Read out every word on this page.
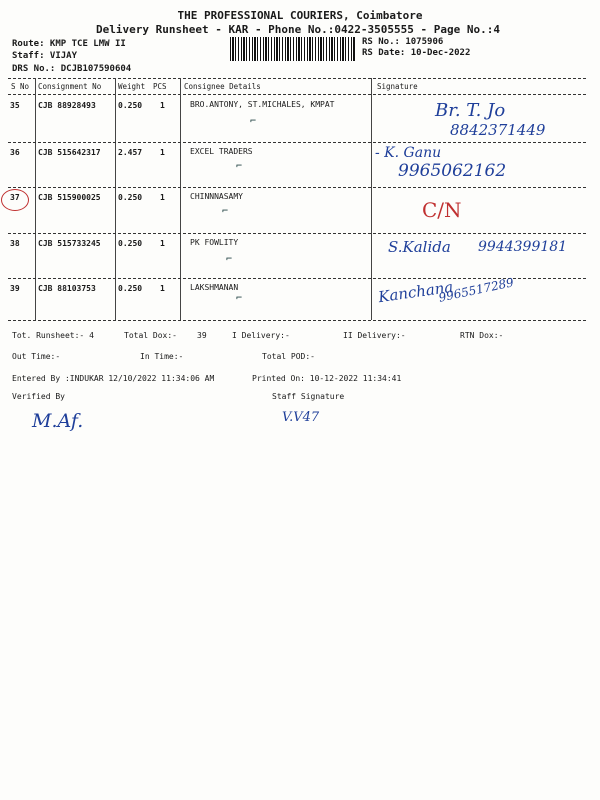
THE PROFESSIONAL COURIERS, Coimbatore
Delivery Runsheet - KAR - Phone No.:0422-3505555 - Page No.:4
Route: KMP TCE LMW II
Staff: VIJAY
DRS No.: DCJB107590604
RS No.: 1075906
RS Date: 10-Dec-2022
S No Consignment No Weight PCS Consignee Details	Signature
35 CJB 88928493	0.250 1	BRO.ANTONY, ST.MICHALES, KMPAT
⌐
Br. T. Jo
8842371449
36 CJB 515642317 2.457 1	EXCEL TRADERS
⌐
- K. Ganu
9965062162
37 CJB 515900025 0.250 1	CHINNNASAMY
⌐	C/N
38 CJB 515733245 0.250 1	PK FOWLITY
⌐
S.Kalida 9944399181
39 CJB 88103753	0.250 1	LAKSHMANAN
⌐	Kanchana
9965517289
Tot. Runsheet:- 4	Total Dox:-	39	I Delivery:-	II Delivery:-	RTN Dox:-
Out Time:-	In Time:-	Total POD:-
Entered By :INDUKAR 12/10/2022 11:34:06 AM	Printed On: 10-12-2022 11:34:41
Verified By
M.Af.
Staff Signature
V.V47
